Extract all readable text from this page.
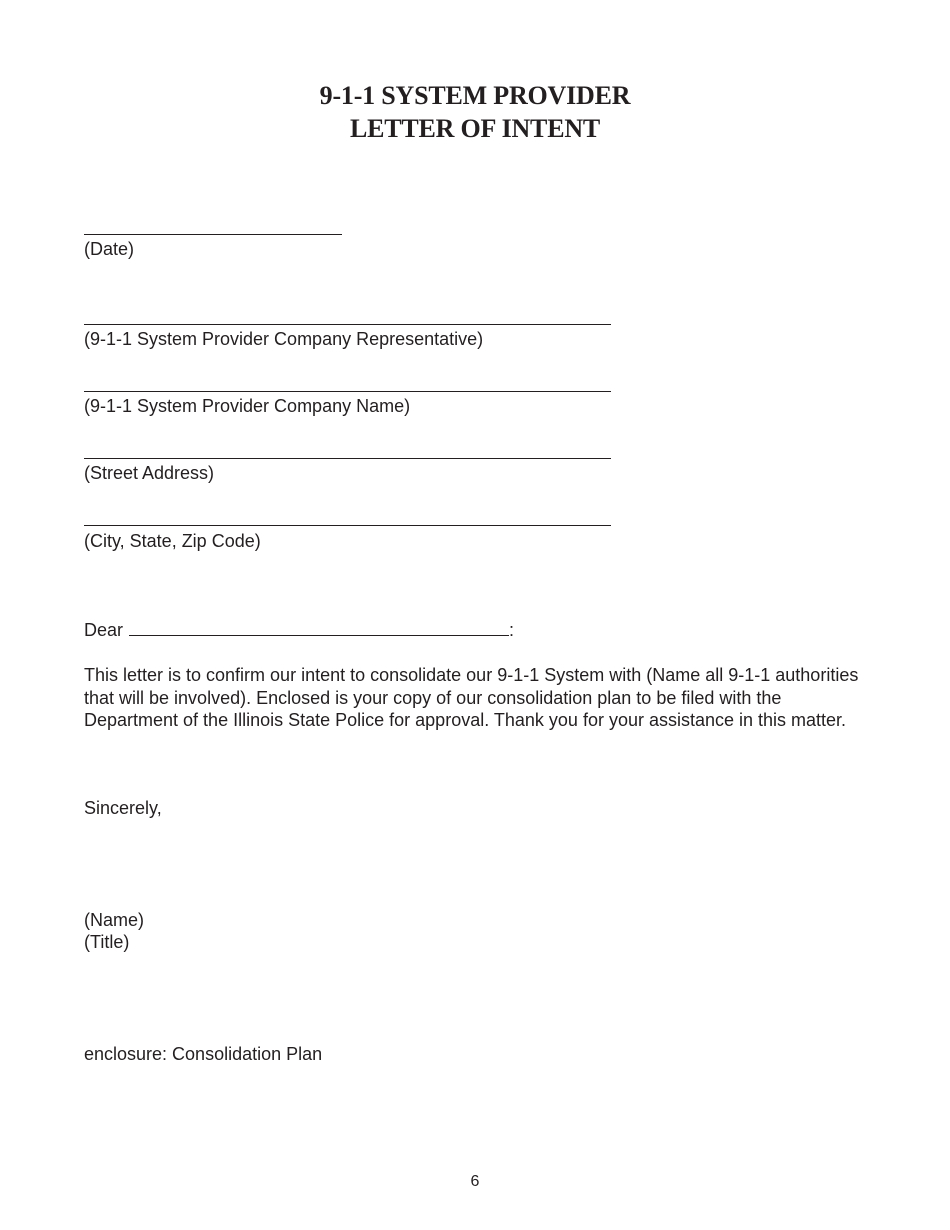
9-1-1 SYSTEM PROVIDER
LETTER OF INTENT
(Date)
(9-1-1 System Provider Company Representative)
(9-1-1 System Provider Company Name)
(Street Address)
(City, State, Zip Code)
Dear	:
This letter is to confirm our intent to consolidate our 9-1-1 System with (Name all 9-1-1 authorities that will be involved). Enclosed is your copy of our consolidation plan to be filed with the Department of the Illinois State Police for approval. Thank you for your assistance in this matter.
Sincerely,
(Name)
(Title)
enclosure: Consolidation Plan
6
